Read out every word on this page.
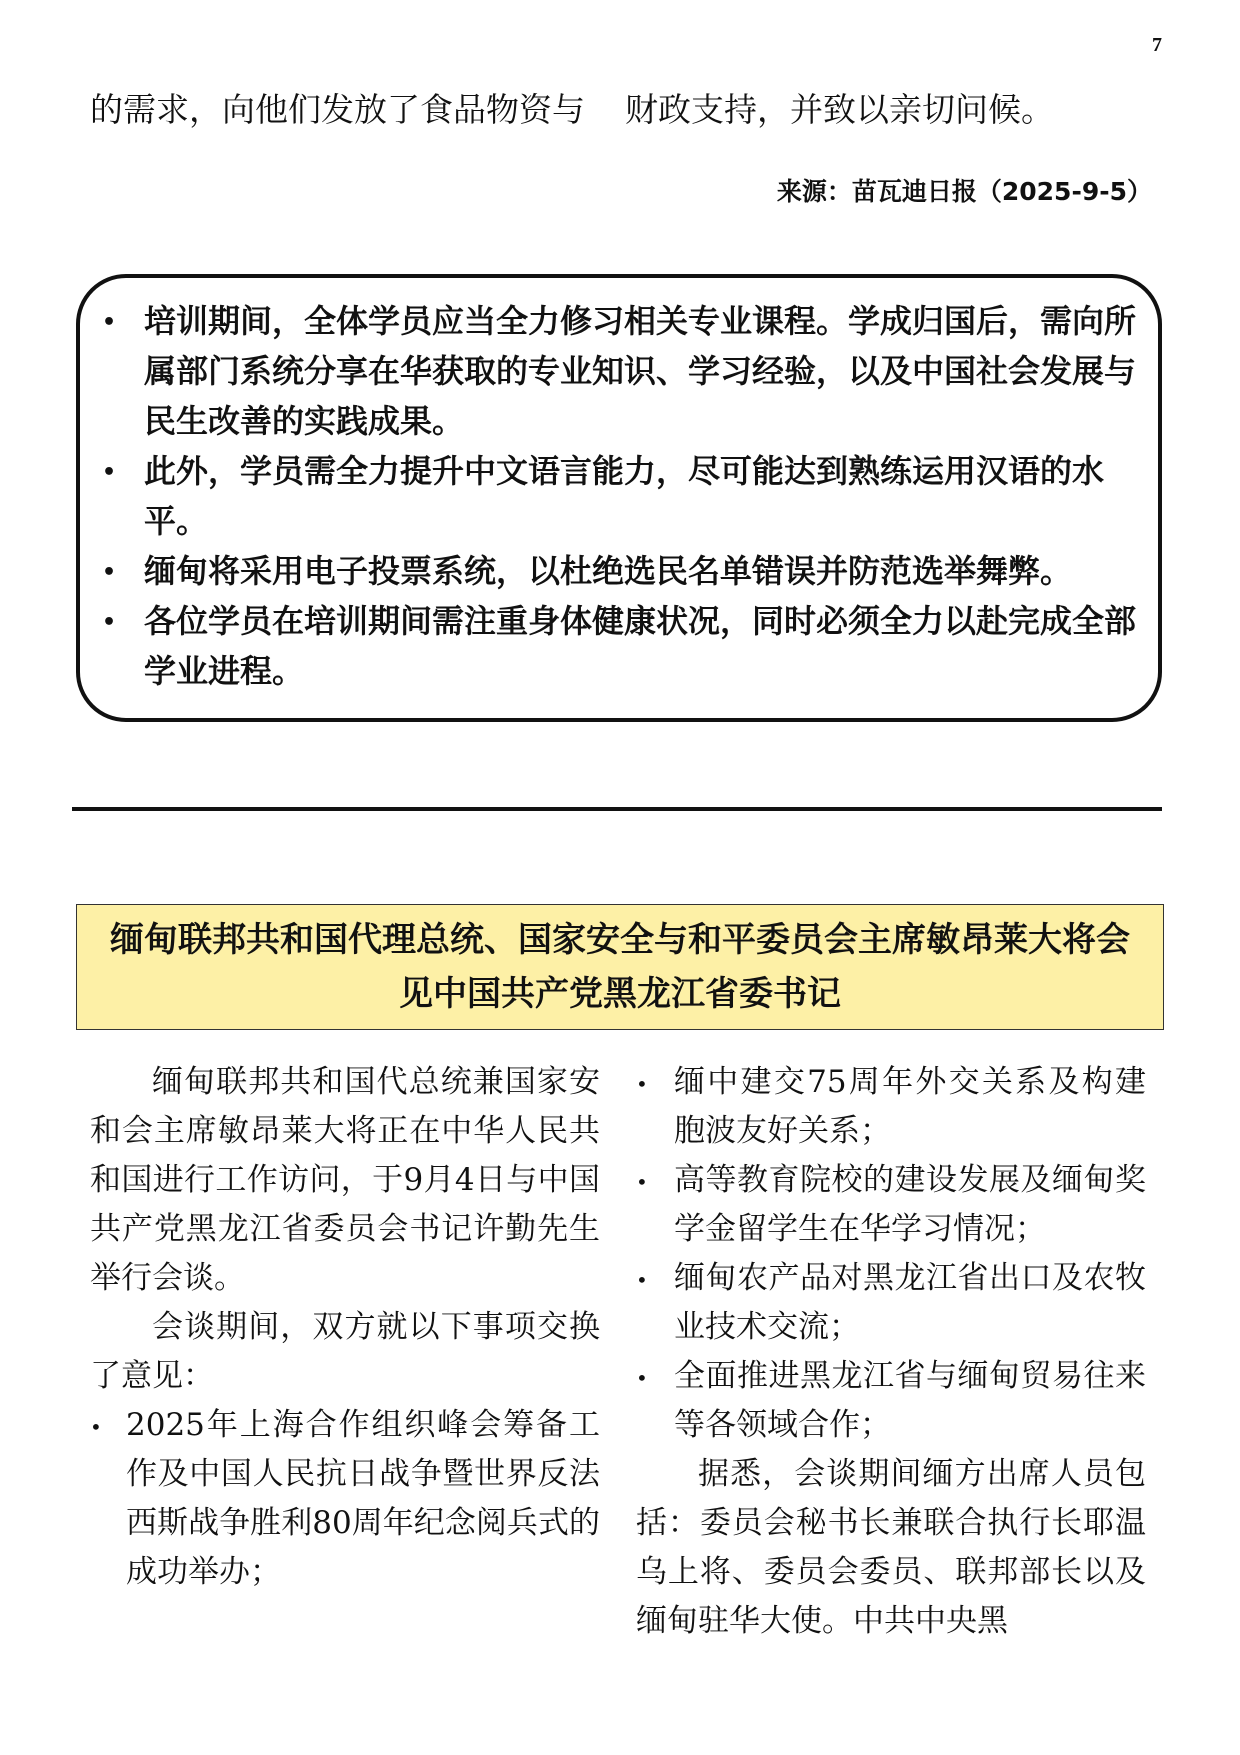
7
的需求，向他们发放了食品物资与 财政支持，并致以亲切问候。
来源：苗瓦迪日报（2025-9-5）
• 培训期间，全体学员应当全力修习相关专业课程。学成归国后，需向所属部门系统分享在华获取的专业知识、学习经验，以及中国社会发展与民生改善的实践成果。
• 此外，学员需全力提升中文语言能力，尽可能达到熟练运用汉语的水平。
• 缅甸将采用电子投票系统，以杜绝选民名单错误并防范选举舞弊。
• 各位学员在培训期间需注重身体健康状况，同时必须全力以赴完成全部学业进程。
缅甸联邦共和国代理总统、国家安全与和平委员会主席敏昂莱大将会见中国共产党黑龙江省委书记

缅甸联邦共和国代总统兼国家安和会主席敏昂莱大将正在中华人民共和国进行工作访问，于9月4日与中国共产党黑龙江省委员会书记许勤先生举行会谈。

会谈期间，双方就以下事项交换了意见：

• 2025年上海合作组织峰会筹备工作及中国人民抗日战争暨世界反法西斯战争胜利80周年纪念阅兵式的成功举办；
• 缅中建交75周年外交关系及构建胞波友好关系；
• 高等教育院校的建设发展及缅甸奖学金留学生在华学习情况；
• 缅甸农产品对黑龙江省出口及农牧业技术交流；
• 全面推进黑龙江省与缅甸贸易往来等各领域合作；

据悉，会谈期间缅方出席人员包括：委员会秘书长兼联合执行长耶温乌上将、委员会委员、联邦部长以及缅甸驻华大使。中共中央黑
